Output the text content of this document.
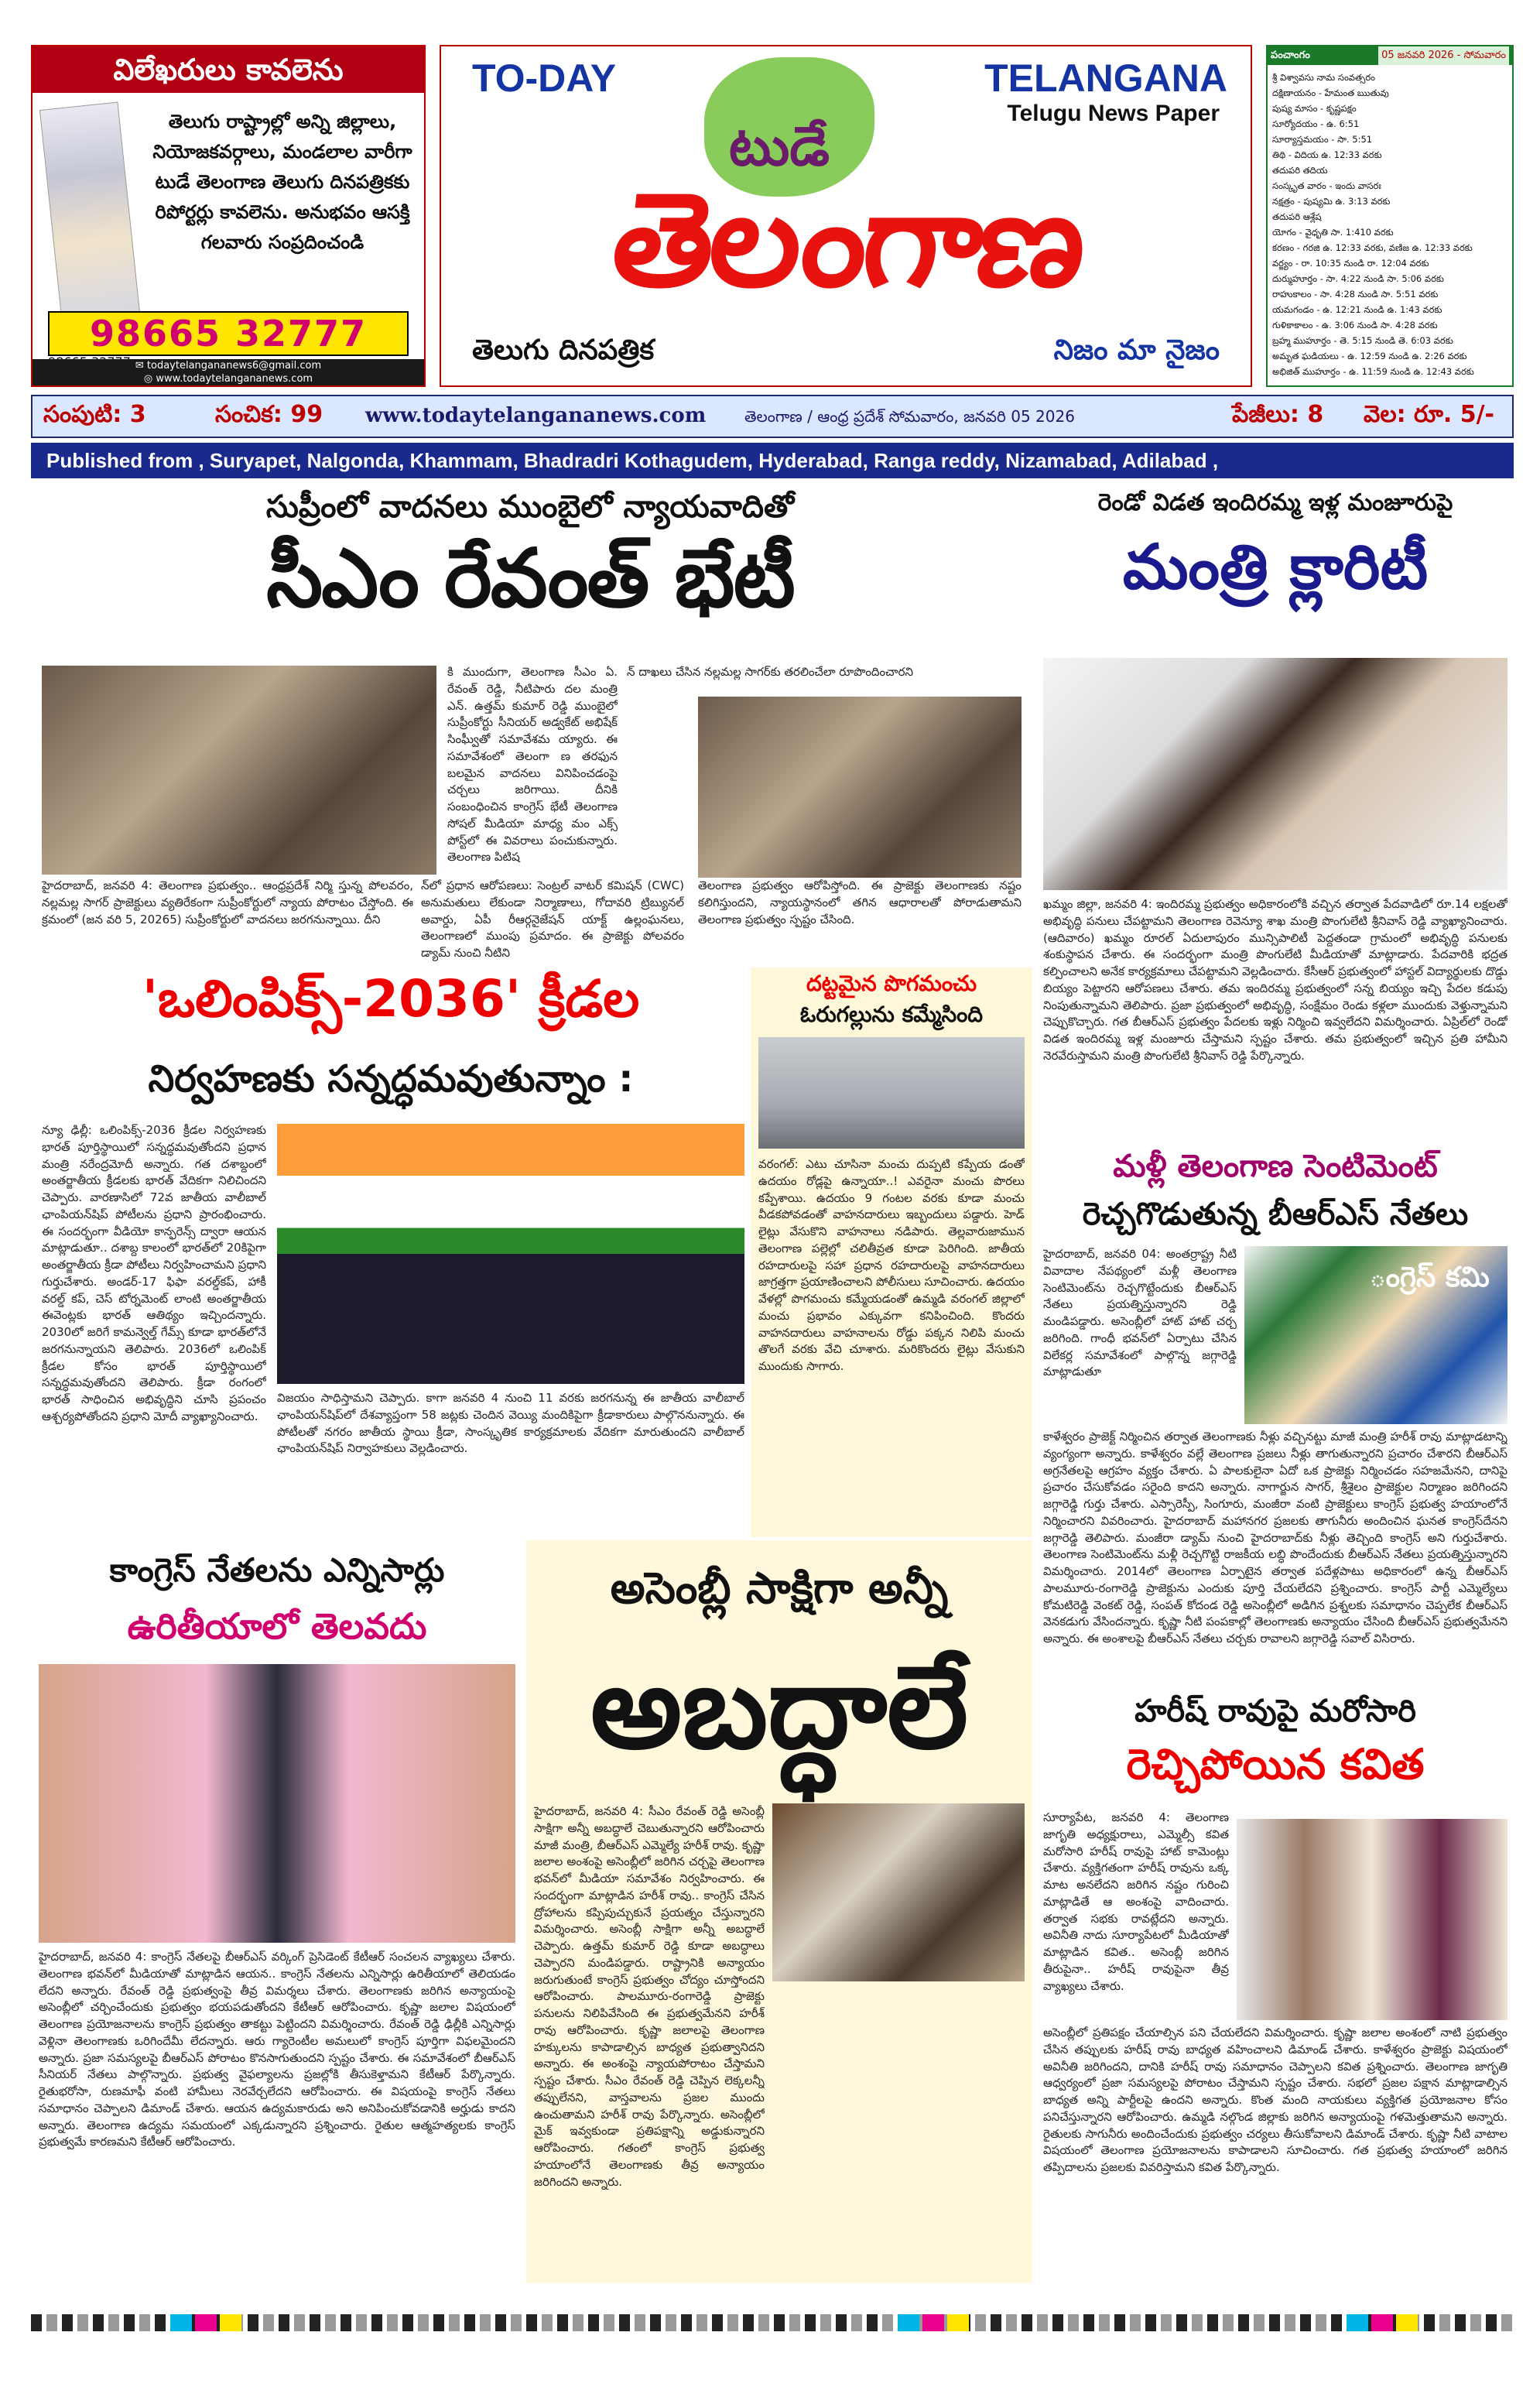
విలేఖరులు కావలెను
తెలుగు రాష్ట్రాల్లో అన్ని జిల్లాలు, నియోజకవర్గాలు, మండలాల వారీగా టుడే తెలంగాణ తెలుగు దినపత్రికకు రిపోర్టర్లు కావలెను. అనుభవం ఆసక్తి గలవారు సంప్రదించండి
98665 32777
✉ todaytelangananews6@gmail.com
◎ www.todaytelangananews.com
TO-DAY	TELANGANA
Telugu News Paper
టుడే
తెలంగాణ
తెలుగు దినపత్రిక	నిజం మా నైజం
పంచాంగం	05 జనవరి 2026 - సోమవారం
శ్రీ విశ్వావసు నామ సంవత్సరం
దక్షిణాయనం - హేమంత ఋతువు
పుష్య మాసం - కృష్ణపక్షం
సూర్యోదయం - ఉ. 6:51
సూర్యాస్తమయం - సా. 5:51
తిథి - విదియ ఉ. 12:33 వరకు
తదుపరి తదియ
సంస్కృత వారం - ఇందు వాసరః
నక్షత్రం - పుష్యమి ఉ. 3:13 వరకు
తదుపరి ఆశ్లేష
యోగం - వైధృతి సా. 1:410 వరకు
కరణం - గరజి ఉ. 12:33 వరకు, వణిజ ఉ. 12:33 వరకు
వర్జ్యం - రా. 10:35 నుండి రా. 12:04 వరకు
దుర్ముహూర్తం - సా. 4:22 నుండి సా. 5:06 వరకు
రాహుకాలం - సా. 4:28 నుండి సా. 5:51 వరకు
యమగండం - ఉ. 12:21 నుండి ఉ. 1:43 వరకు
గుళికాకాలం - ఉ. 3:06 నుండి సా. 4:28 వరకు
బ్రహ్మ ముహూర్తం - తె. 5:15 నుండి తె. 6:03 వరకు
అమృత ఘడియలు - ఉ. 12:59 నుండి ఉ. 2:26 వరకు
అభిజిత్ ముహూర్తం - ఉ. 11:59 నుండి ఉ. 12:43 వరకు
సంపుటి: 3	సంచిక: 99 www.todaytelangananews.com తెలంగాణ / ఆంధ్ర ప్రదేశ్ సోమవారం, జనవరి 05 2026	పేజీలు: 8 వెల: రూ. 5/-
Published from , Suryapet, Nalgonda, Khammam, Bhadradri Kothagudem, Hyderabad, Ranga reddy, Nizamabad, Adilabad ,
సుప్రీంలో వాదనలు ముంబైలో న్యాయవాదితో
సీఎం రేవంత్ భేటీ
కి ముందుగా, తెలంగాణ సీఎం ఏ. రేవంత్ రెడ్డి, నీటిపారు దల మంత్రి ఎన్. ఉత్తమ్ కుమార్ రెడ్డి ముంబైలో సుప్రీంకోర్టు సీనియర్ అడ్వకేట్ అభిషేక్ సింఘ్వీతో సమావేశమ య్యారు. ఈ సమావేశంలో తెలంగా ణ తరఫున బలమైన వాదనలు వినిపించడంపై చర్చలు జరిగాయి. దీనికి సంబంధించిన కాంగ్రెస్ భేటీ తెలంగాణ సోషల్ మీడియా మాధ్య మం ఎక్స్ పోస్ట్‌లో ఈ వివరాలు పంచుకున్నారు. తెలంగాణ పిటిష
న్ దాఖలు చేసిన నల్లమల్ల సాగర్‌కు తరలించేలా రూపొందించారని
హైదరాబాద్, జనవరి 4: తెలంగాణ ప్రభుత్వం.. ఆంధ్రప్రదేశ్ నిర్మి స్తున్న పోలవరం, నల్లమల్ల సాగర్ ప్రాజెక్టులు వ్యతిరేకంగా సుప్రీంకోర్టులో న్యాయ పోరాటం చేస్తోంది. ఈ క్రమంలో (జన వరి 5, 20265) సుప్రీంకోర్టులో వాదనలు జరగనున్నాయి. దీని
న్‌లో ప్రధాన ఆరోపణలు: సెంట్రల్ వాటర్ కమిషన్ (CWC) అనుమతులు లేకుండా నిర్మాణాలు, గోదావరి ట్రిబ్యునల్ అవార్డు, ఏపీ రీఆర్గనైజేషన్ యాక్ట్ ఉల్లంఘనలు, తెలంగాణలో ముంపు ప్రమాదం. ఈ ప్రాజెక్టు పోలవరం డ్యామ్ నుంచి నీటిని
తెలంగాణ ప్రభుత్వం ఆరోపిస్తోంది. ఈ ప్రాజెక్టు తెలంగాణకు నష్టం కలిగిస్తుందని, న్యాయస్థానంలో తగిన ఆధారాలతో పోరాడుతామని తెలంగాణ ప్రభుత్వం స్పష్టం చేసింది.
రెండో విడత ఇందిరమ్మ ఇళ్ల మంజూరుపై
మంత్రి క్లారిటీ
ఖమ్మం జిల్లా, జనవరి 4: ఇందిరమ్మ ప్రభుత్వం అధికారంలోకి వచ్చిన తర్వాత పేదవాడిలో రూ.14 లక్షలతో అభివృద్ధి పనులు చేపట్టామని తెలంగాణ రెవెన్యూ శాఖ మంత్రి పొంగులేటి శ్రీనివాస్ రెడ్డి వ్యాఖ్యానించారు. (ఆదివారం) ఖమ్మం రూరల్ ఏదులాపురం మున్సిపాలిటీ పెద్దతండా గ్రామంలో అభివృద్ధి పనులకు శంకుస్థాపన చేశారు. ఈ సందర్భంగా మంత్రి పొంగులేటి మీడియాతో మాట్లాడారు. పేదవారికి భద్రత కల్పించాలని అనేక కార్యక్రమాలు చేపట్టామని వెల్లడించారు. కేసీఆర్ ప్రభుత్వంలో హాస్టల్ విద్యార్థులకు దొడ్డు బియ్యం పెట్టారని ఆరోపణలు చేశారు. తమ ఇందిరమ్మ ప్రభుత్వంలో సన్న బియ్యం ఇచ్చి పేదల కడుపు నింపుతున్నామని తెలిపారు. ప్రజా ప్రభుత్వంలో అభివృద్ధి, సంక్షేమం రెండు కళ్లలా ముందుకు వెళ్తున్నామని చెప్పుకొచ్చారు. గత బీఆర్ఎస్ ప్రభుత్వం పేదలకు ఇళ్లు నిర్మించి ఇవ్వలేదని విమర్శించారు. ఏప్రిల్‌లో రెండో విడత ఇందిరమ్మ ఇళ్ల మంజూరు చేస్తామని స్పష్టం చేశారు. తమ ప్రభుత్వంలో ఇచ్చిన ప్రతి హామీని నెరవేరుస్తామని మంత్రి పొంగులేటి శ్రీనివాస్ రెడ్డి పేర్కొన్నారు.
'ఒలింపిక్స్-2036' క్రీడల
నిర్వహణకు సన్నద్ధమవుతున్నాం :
న్యూ ఢిల్లీ: ఒలింపిక్స్-2036 క్రీడల నిర్వహణకు భారత్ పూర్తిస్థాయిలో సన్నద్ధమవుతోందని ప్రధాన మంత్రి నరేంద్రమోదీ అన్నారు. గత దశాబ్దంలో అంతర్జాతీయ క్రీడలకు భారత్ వేదికగా నిలిచిందని చెప్పారు. వారణాసిలో 72వ జాతీయ వాలీబాల్ ఛాంపియన్‌షిప్ పోటీలను ప్రధాని ప్రారంభించారు. ఈ సందర్భంగా వీడియో కాన్ఫరెన్స్ ద్వారా ఆయన మాట్లాడుతూ.. దశాబ్ద కాలంలో భారత్‌లో 20కిపైగా అంతర్జాతీయ క్రీడా పోటీలు నిర్వహించామని ప్రధాని గుర్తుచేశారు. అండర్-17 ఫిఫా వరల్డ్‌కప్, హాకీ వరల్డ్ కప్, చెస్ టోర్నమెంట్ లాంటి అంతర్జాతీయ ఈవెంట్లకు భారత్ ఆతిథ్యం ఇచ్చిందన్నారు. 2030లో జరిగే కామన్వెల్త్ గేమ్స్ కూడా భారత్‌లోనే జరగనున్నాయని తెలిపారు. 2036లో ఒలింపిక్ క్రీడల కోసం భారత్ పూర్తిస్థాయిలో సన్నద్ధమవుతోందని తెలిపారు. క్రీడా రంగంలో భారత్ సాధించిన అభివృద్ధిని చూసి ప్రపంచం ఆశ్చర్యపోతోందని ప్రధాని మోదీ వ్యాఖ్యానించారు.
విజయం సాధిస్తామని చెప్పారు. కాగా జనవరి 4 నుంచి 11 వరకు జరగనున్న ఈ జాతీయ వాలీబాల్ ఛాంపియన్‌షిప్‌లో దేశవ్యాప్తంగా 58 జట్లకు చెందిన వెయ్యి మందికిపైగా క్రీడాకారులు పాల్గొననున్నారు. ఈ పోటీలతో నగరం జాతీయ స్థాయి క్రీడా, సాంస్కృతిక కార్యక్రమాలకు వేదికగా మారుతుందని వాలీబాల్ ఛాంపియన్‌షిప్ నిర్వాహకులు వెల్లడించారు.
దట్టమైన పొగమంచు
ఓరుగల్లును కమ్మేసింది
వరంగల్: ఎటు చూసినా మంచు దుప్పటి కప్పేయ డంతో ఉదయం రోడ్లపై ఉన్నాయా..! ఎవరైనా మంచు పొరలు కప్పేశాయి. ఉదయం 9 గంటల వరకు కూడా మంచు వీడకపోవడంతో వాహనదారులు ఇబ్బందులు పడ్డారు. హెడ్ లైట్లు వేసుకొని వాహనాలు నడిపారు. తెల్లవారుజామున తెలంగాణ పల్లెల్లో చలితీవ్రత కూడా పెరిగింది. జాతీయ రహదారులపై సహా ప్రధాన రహదారులపై వాహనదారులు జాగ్రత్తగా ప్రయాణించాలని పోలీసులు సూచించారు. ఉదయం వేళల్లో పొగమంచు కమ్మేయడంతో ఉమ్మడి వరంగల్ జిల్లాలో మంచు ప్రభావం ఎక్కువగా కనిపించింది. కొందరు వాహనదారులు వాహనాలను రోడ్డు పక్కన నిలిపి మంచు తొలగే వరకు వేచి చూశారు. మరికొందరు లైట్లు వేసుకుని ముందుకు సాగారు.
మళ్లీ తెలంగాణ సెంటిమెంట్
రెచ్చగొడుతున్న బీఆర్ఎస్ నేతలు
హైదరాబాద్, జనవరి 04: అంతర్రాష్ట్ర నీటి వివాదాల నేపథ్యంలో మళ్లీ తెలంగాణ సెంటిమెంట్‌ను రెచ్చగొట్టేందుకు బీఆర్ఎస్ నేతలు ప్రయత్నిస్తున్నారని రెడ్డి మండిపడ్డారు. అసెంబ్లీలో హాట్ హాట్ చర్చ జరిగింది. గాంధీ భవన్‌లో ఏర్పాటు చేసిన విలేకర్ల సమావేశంలో పాల్గొన్న జగ్గారెడ్డి మాట్లాడుతూ
ంగ్రెస్ కమి
కాళేశ్వరం ప్రాజెక్ట్ నిర్మించిన తర్వాత తెలంగాణకు నీళ్లు వచ్చినట్టు మాజీ మంత్రి హరీశ్ రావు మాట్లాడటాన్ని వ్యంగ్యంగా అన్నారు. కాళేశ్వరం వల్లే తెలంగాణ ప్రజలు నీళ్లు తాగుతున్నారని ప్రచారం చేశారని బీఆర్ఎస్ అగ్రనేతలపై ఆగ్రహం వ్యక్తం చేశారు. ఏ పాలకులైనా ఏదో ఒక ప్రాజెక్టు నిర్మించడం సహజమేనని, దానిపై ప్రచారం చేసుకోవడం సరైంది కాదని అన్నారు. నాగార్జున సాగర్, శ్రీశైలం ప్రాజెక్టుల నిర్మాణం జరిగిందని జగ్గారెడ్డి గుర్తు చేశారు. ఎస్సారెస్పీ, సింగూరు, మంజీరా వంటి ప్రాజెక్టులు కాంగ్రెస్ ప్రభుత్వ హయాంలోనే నిర్మించారని వివరించారు. హైదరాబాద్ మహానగర ప్రజలకు తాగునీరు అందించిన ఘనత కాంగ్రెస్‌దేనని జగ్గారెడ్డి తెలిపారు. మంజీరా డ్యామ్ నుంచి హైదరాబాద్‌కు నీళ్లు తెచ్చింది కాంగ్రెస్ అని గుర్తుచేశారు. తెలంగాణ సెంటిమెంట్‌ను మళ్లీ రెచ్చగొట్టి రాజకీయ లబ్ధి పొందేందుకు బీఆర్ఎస్ నేతలు ప్రయత్నిస్తున్నారని విమర్శించారు. 2014లో తెలంగాణ ఏర్పాటైన తర్వాత పదేళ్లపాటు అధికారంలో ఉన్న బీఆర్ఎస్ పాలమూరు-రంగారెడ్డి ప్రాజెక్టును ఎందుకు పూర్తి చేయలేదని ప్రశ్నించారు. కాంగ్రెస్ పార్టీ ఎమ్మెల్యేలు కోమటిరెడ్డి వెంకట్ రెడ్డి, సంపత్ కోదండ రెడ్డి అసెంబ్లీలో అడిగిన ప్రశ్నలకు సమాధానం చెప్పలేక బీఆర్ఎస్ వెనకడుగు వేసిందన్నారు. కృష్ణా నీటి పంపకాల్లో తెలంగాణకు అన్యాయం చేసింది బీఆర్ఎస్ ప్రభుత్వమేనని అన్నారు. ఈ అంశాలపై బీఆర్ఎస్ నేతలు చర్చకు రావాలని జగ్గారెడ్డి సవాల్ విసిరారు.
కాంగ్రెస్ నేతలను ఎన్నిసార్లు
ఉరితీయాలో తెలవదు
హైదరాబాద్, జనవరి 4: కాంగ్రెస్ నేతలపై బీఆర్ఎస్ వర్కింగ్ ప్రెసిడెంట్ కేటీఆర్ సంచలన వ్యాఖ్యలు చేశారు. తెలంగాణ భవన్‌లో మీడియాతో మాట్లాడిన ఆయన.. కాంగ్రెస్ నేతలను ఎన్నిసార్లు ఉరితీయాలో తెలియడం లేదని అన్నారు. రేవంత్ రెడ్డి ప్రభుత్వంపై తీవ్ర విమర్శలు చేశారు. తెలంగాణకు జరిగిన అన్యాయంపై అసెంబ్లీలో చర్చించేందుకు ప్రభుత్వం భయపడుతోందని కేటీఆర్ ఆరోపించారు. కృష్ణా జలాల విషయంలో తెలంగాణ ప్రయోజనాలను కాంగ్రెస్ ప్రభుత్వం తాకట్టు పెట్టిందని విమర్శించారు. రేవంత్ రెడ్డి ఢిల్లీకి ఎన్నిసార్లు వెళ్లినా తెలంగాణకు ఒరిగిందేమీ లేదన్నారు. ఆరు గ్యారెంటీల అమలులో కాంగ్రెస్ పూర్తిగా విఫలమైందని అన్నారు. ప్రజా సమస్యలపై బీఆర్ఎస్ పోరాటం కొనసాగుతుందని స్పష్టం చేశారు. ఈ సమావేశంలో బీఆర్ఎస్ సీనియర్ నేతలు పాల్గొన్నారు. ప్రభుత్వ వైఫల్యాలను ప్రజల్లోకి తీసుకెళ్తామని కేటీఆర్ పేర్కొన్నారు. రైతుభరోసా, రుణమాఫీ వంటి హామీలు నెరవేర్చలేదని ఆరోపించారు. ఈ విషయంపై కాంగ్రెస్ నేతలు సమాధానం చెప్పాలని డిమాండ్ చేశారు. ఆయన ఉద్యమకారుడు అని అనిపించుకోవడానికి అర్హుడు కాదని అన్నారు. తెలంగాణ ఉద్యమ సమయంలో ఎక్కడున్నారని ప్రశ్నించారు. రైతుల ఆత్మహత్యలకు కాంగ్రెస్ ప్రభుత్వమే కారణమని కేటీఆర్ ఆరోపించారు.
అసెంబ్లీ సాక్షిగా అన్నీ
అబద్ధాలే
హైదరాబాద్, జనవరి 4: సీఎం రేవంత్ రెడ్డి అసెంబ్లీ సాక్షిగా అన్నీ అబద్ధాలే చెబుతున్నారని ఆరోపించారు మాజీ మంత్రి, బీఆర్ఎస్ ఎమ్మెల్యే హరీశ్ రావు. కృష్ణా జలాల అంశంపై అసెంబ్లీలో జరిగిన చర్చపై తెలంగాణ భవన్‌లో మీడియా సమావేశం నిర్వహించారు. ఈ సందర్భంగా మాట్లాడిన హరీశ్ రావు.. కాంగ్రెస్ చేసిన ద్రోహాలను కప్పిపుచ్చుకునే ప్రయత్నం చేస్తున్నారని విమర్శించారు. అసెంబ్లీ సాక్షిగా అన్నీ అబద్ధాలే చెప్పారు. ఉత్తమ్ కుమార్ రెడ్డి కూడా అబద్ధాలు చెప్పారని మండిపడ్డారు. రాష్ట్రానికి అన్యాయం జరుగుతుంటే కాంగ్రెస్ ప్రభుత్వం చోద్యం చూస్తోందని ఆరోపించారు. పాలమూరు-రంగారెడ్డి ప్రాజెక్టు పనులను నిలిపివేసింది ఈ ప్రభుత్వమేనని హరీశ్ రావు ఆరోపించారు. కృష్ణా జలాలపై తెలంగాణ హక్కులను కాపాడాల్సిన బాధ్యత ప్రభుత్వానిదని అన్నారు. ఈ అంశంపై న్యాయపోరాటం చేస్తామని స్పష్టం చేశారు. సీఎం రేవంత్ రెడ్డి చెప్పిన లెక్కలన్నీ తప్పులేనని, వాస్తవాలను ప్రజల ముందు ఉంచుతామని హరీశ్ రావు పేర్కొన్నారు. అసెంబ్లీలో మైక్ ఇవ్వకుండా ప్రతిపక్షాన్ని అడ్డుకున్నారని ఆరోపించారు. గతంలో కాంగ్రెస్ ప్రభుత్వ హయాంలోనే తెలంగాణకు తీవ్ర అన్యాయం జరిగిందని అన్నారు.
హరీష్ రావుపై మరోసారి
రెచ్చిపోయిన కవిత
సూర్యాపేట, జనవరి 4: తెలంగాణ జాగృతి అధ్యక్షురాలు, ఎమ్మెల్సీ కవిత మరోసారి హరీష్ రావుపై హాట్ కామెంట్లు చేశారు. వ్యక్తిగతంగా హరీష్ రావును ఒక్క మాట అనలేదని జరిగిన నష్టం గురించి మాట్లాడితే ఆ అంశంపై వాదించారు. తర్వాత సభకు రావట్లేదని అన్నారు. అవినీతి నాదు సూర్యాపేటలో మీడియాతో మాట్లాడిన కవిత.. అసెంబ్లీ జరిగిన తీరుపైనా.. హరీష్ రావుపైనా తీవ్ర వ్యాఖ్యలు చేశారు.
అసెంబ్లీలో ప్రతిపక్షం చేయాల్సిన పని చేయలేదని విమర్శించారు. కృష్ణా జలాల అంశంలో నాటి ప్రభుత్వం చేసిన తప్పులకు హరీష్ రావు బాధ్యత వహించాలని డిమాండ్ చేశారు. కాళేశ్వరం ప్రాజెక్టు విషయంలో అవినీతి జరిగిందని, దానికి హరీష్ రావు సమాధానం చెప్పాలని కవిత ప్రశ్నించారు. తెలంగాణ జాగృతి ఆధ్వర్యంలో ప్రజా సమస్యలపై పోరాటం చేస్తామని స్పష్టం చేశారు. సభలో ప్రజల పక్షాన మాట్లాడాల్సిన బాధ్యత అన్ని పార్టీలపై ఉందని అన్నారు. కొంత మంది నాయకులు వ్యక్తిగత ప్రయోజనాల కోసం పనిచేస్తున్నారని ఆరోపించారు. ఉమ్మడి నల్గొండ జిల్లాకు జరిగిన అన్యాయంపై గళమెత్తుతామని అన్నారు. రైతులకు సాగునీరు అందించేందుకు ప్రభుత్వం చర్యలు తీసుకోవాలని డిమాండ్ చేశారు. కృష్ణా నీటి వాటాల విషయంలో తెలంగాణ ప్రయోజనాలను కాపాడాలని సూచించారు. గత ప్రభుత్వ హయాంలో జరిగిన తప్పిదాలను ప్రజలకు వివరిస్తామని కవిత పేర్కొన్నారు.
